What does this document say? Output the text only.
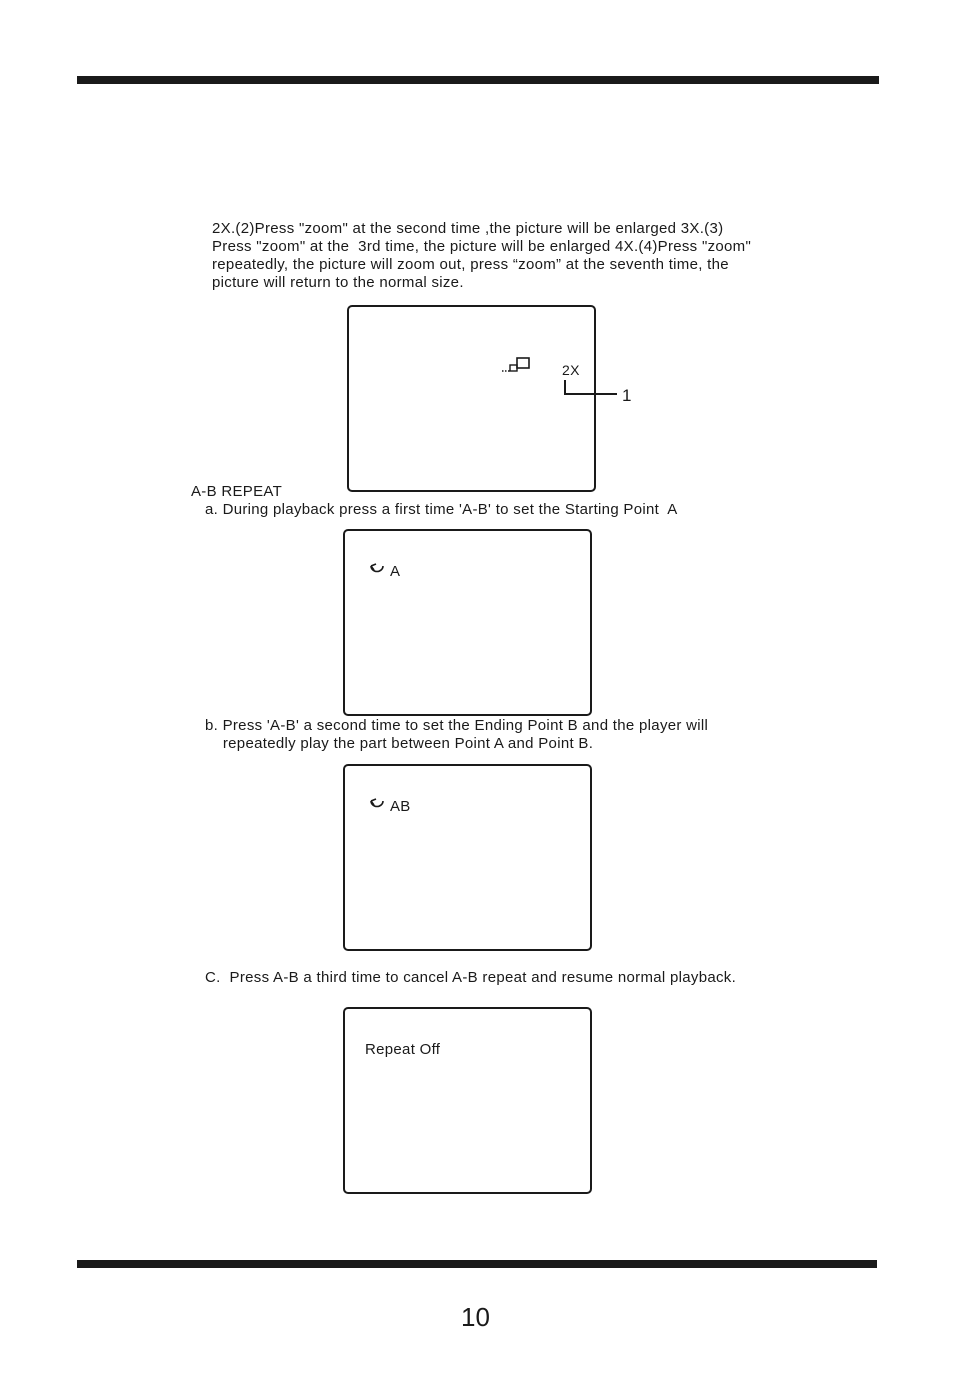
2X.(2)Press "zoom" at the second time ,the picture will be enlarged 3X.(3)
Press "zoom" at the  3rd time, the picture will be enlarged 4X.(4)Press "zoom"
repeatedly, the picture will zoom out, press “zoom” at the seventh time, the
picture will return to the normal size.
2X
1
A-B REPEAT
a. During playback press a first time 'A-B' to set the Starting Point  A
A
b. Press 'A-B' a second time to set the Ending Point B and the player will
repeatedly play the part between Point A and Point B.
AB
C.  Press A-B a third time to cancel A-B repeat and resume normal playback.
Repeat Off
10
